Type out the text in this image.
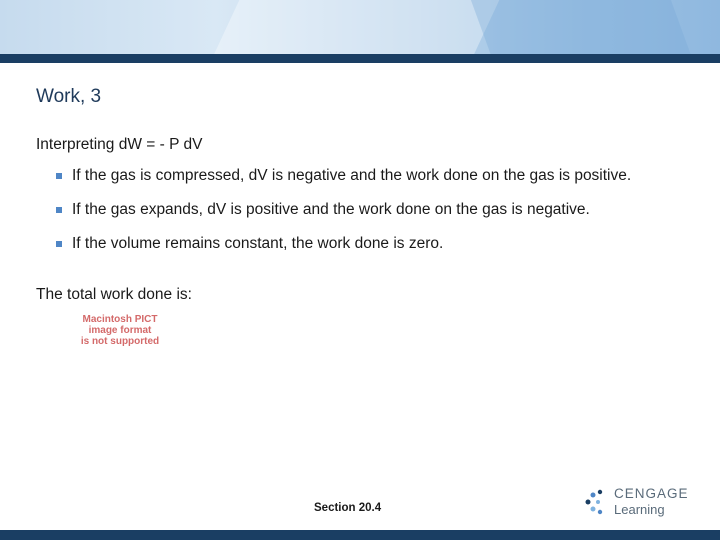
Work, 3
Interpreting dW = - P dV
If the gas is compressed, dV is negative and the work done on the gas is positive.
If the gas expands, dV is positive and the work done on the gas is negative.
If the volume remains constant, the work done is zero.
The total work done is:
Macintosh PICT
image format
is not supported
Section 20.4
CENGAGE
Learning
